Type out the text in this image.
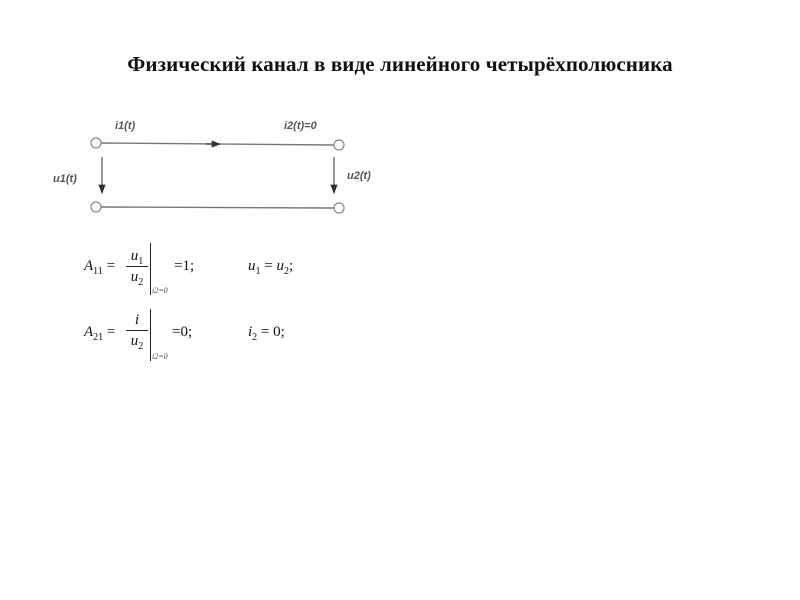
Физический канал в виде линейного четырёхполюсника
i1(t)	i2(t)=0
u1(t)	u2(t)
$A_{11}$ =
$u_1$
$u_2$
i2=0
=1;	$u_1 = u_2$;
$A_{21}$ =
i
$u_2$
i2=0
=0;	$i_2 = 0$;
